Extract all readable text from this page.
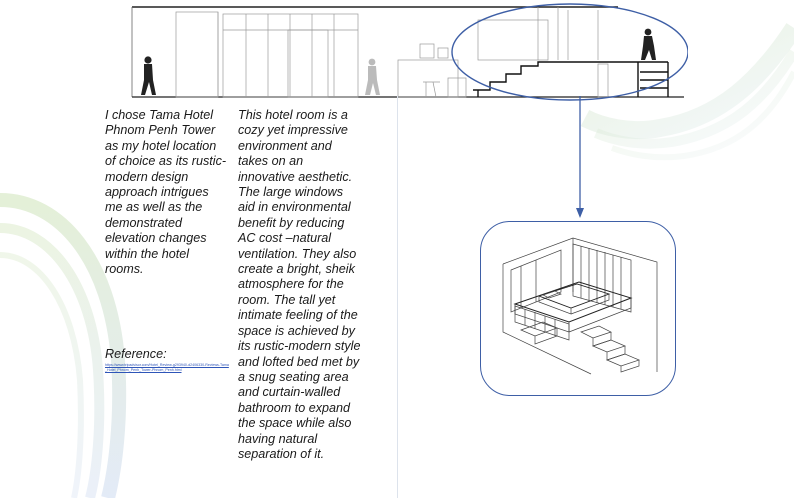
I chose Tama Hotel Phnom Penh Tower as my hotel location of choice as its rustic-modern design approach intrigues me as well as the demonstrated elevation changes within the hotel rooms.

This hotel room is a cozy yet impressive environment and takes on an innovative aesthetic. The large windows aid in environmental benefit by reducing AC cost –natural ventilation. They also create a bright, sheik atmosphere for the room. The tall yet intimate feeling of the space is achieved by its rustic-modern style and lofted bed met by a snug seating area and curtain-walled bathroom to expand the space while also having natural separation of it.

Reference:

https://www.tripadvisor.com/Hotel_Review-g293940-d2406330-Reviews-Tama_Hotel_Phnom_Penh_Tower-Phnom_Penh.html
